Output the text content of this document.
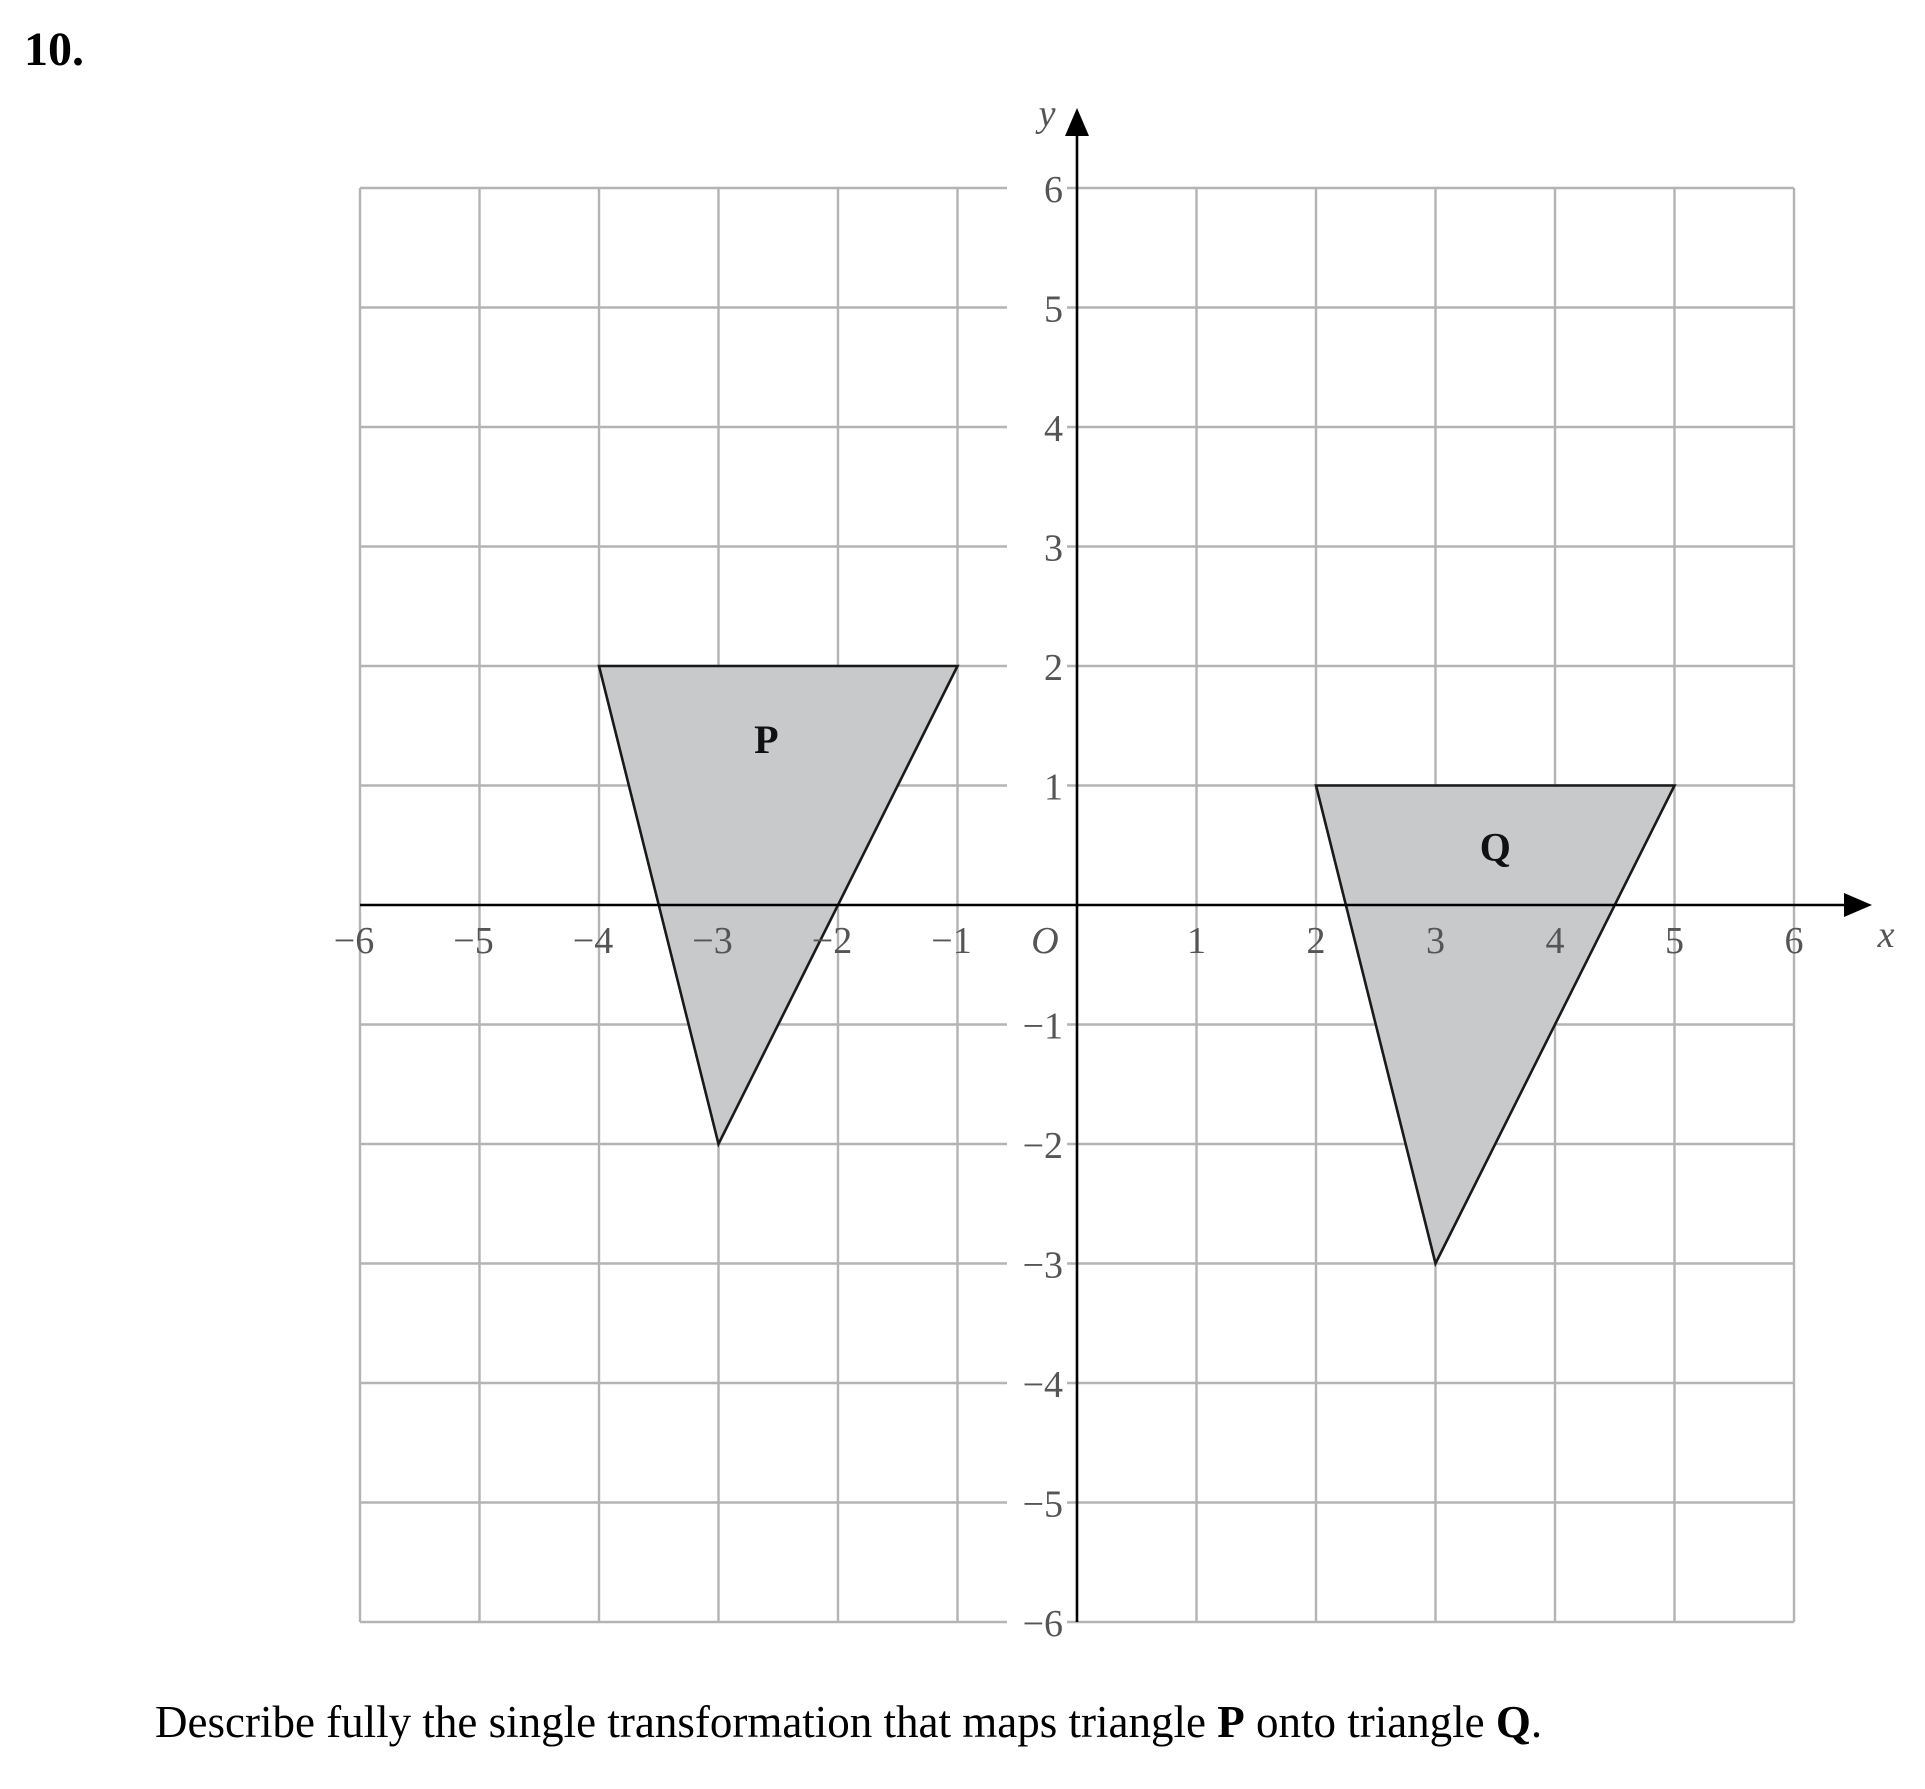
10.
P
Q
−6 −5 −4 −3 −2 −1	1	2	3	4	5	6
6
5
4
3
2
1
−1
−2
−3
−4
−5
−6
O	x
y
Describe fully the single transformation that maps triangle P onto triangle Q.
